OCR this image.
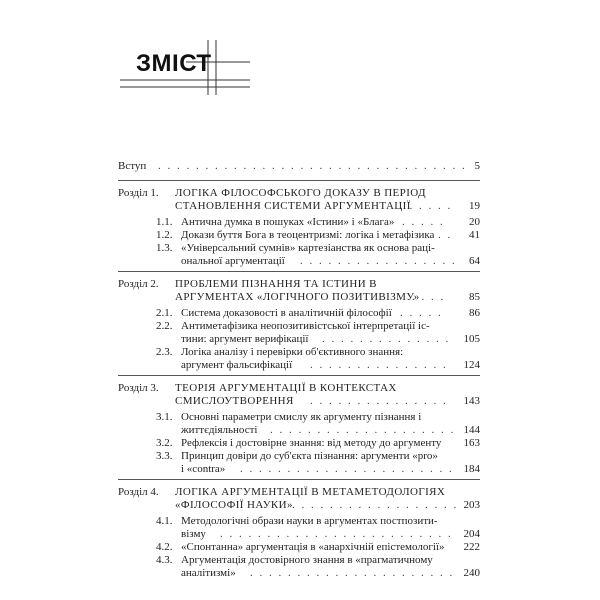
ЗМІСТ
Вступ . . . . . . . . . . . . . . . . . . . . . . . . . . . . . . . . . 5
Розділ 1. ЛОГІКА ФІЛОСОФСЬКОГО ДОКАЗУ В ПЕРІОД
СТАНОВЛЕННЯ СИСТЕМИ АРГУМЕНТАЦІЇ
. . . . . . 19
1.1. Антична думка в пошуках «Істини» і «Блага» . . . . . 20
1.2. Докази буття Бога в теоцентризмі: логіка і метафізика . . 41
1.3. «Універсальний сумнів» картезіанства як основа раці-
ональної аргументації . . . . . . . . . . . . . . . . . 64
Розділ 2. ПРОБЛЕМИ ПІЗНАННЯ ТА ІСТИНИ В
АРГУМЕНТАХ «ЛОГІЧНОГО ПОЗИТИВІЗМУ»
. . . . 85
2.1. Система доказовості в аналітичній філософії . . . . . 86
2.2. Антиметафізика неопозитивістської інтерпретації іс-
тини: аргумент верифікації . . . . . . . . . . . . . . 105
2.3. Логіка аналізу і перевірки об'єктивного знання:
аргумент фальсифікації . . . . . . . . . . . . . . . 124
Розділ 3. ТЕОРІЯ АРГУМЕНТАЦІЇ В КОНТЕКСТАХ
СМИСЛОУТВОРЕННЯ . . . . . . . . . . . . . . . 143
3.1. Основні параметри смислу як аргументу пізнання і
життєдіяльності . . . . . . . . . . . . . . . . . . . . 144
3.2. Рефлексія і достовірне знання: від методу до аргументу 163
3.3. Принцип довіри до суб'єкта пізнання: аргументи «pro»
і «contra» . . . . . . . . . . . . . . . . . . . . . . . 184
Розділ 4. ЛОГІКА АРГУМЕНТАЦІЇ В МЕТАМЕТОДОЛОГІЯХ
«ФІЛОСОФІЇ НАУКИ» . . . . . . . . . . . . . . . . . . 203
4.1. Методологічні образи науки в аргументах постпозити-
візму . . . . . . . . . . . . . . . . . . . . . . . . . 204
4.2. «Спонтанна» аргументація в «анархічній епістемології» 222
4.3. Аргументація достовірного знання в «прагматичному
аналітизмі» . . . . . . . . . . . . . . . . . . . . . . 240
